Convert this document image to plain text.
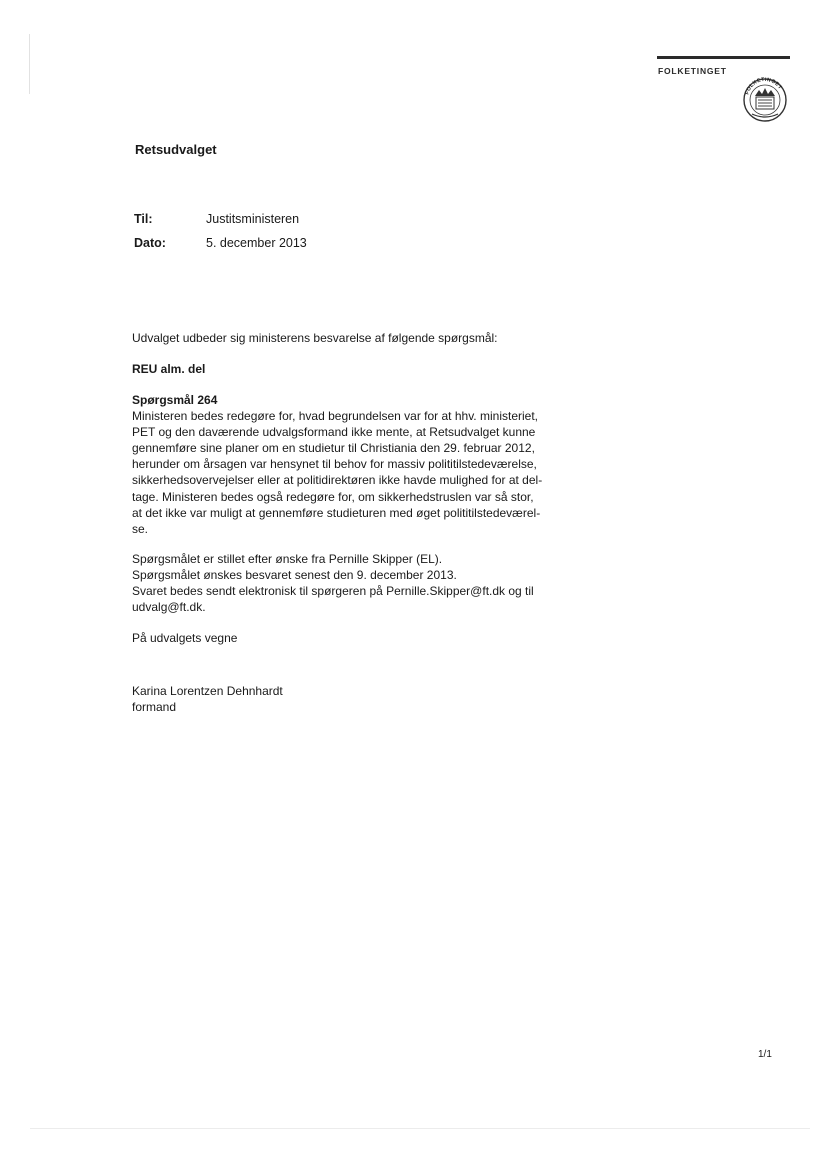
FOLKETINGET
FOLKETINGET
Retsudvalget
Til:	Justitsministeren
Dato:	5. december 2013
Udvalget udbeder sig ministerens besvarelse af følgende spørgsmål:
REU alm. del
Spørgsmål 264
Ministeren bedes redegøre for, hvad begrundelsen var for at hhv. ministeriet,
PET og den daværende udvalgsformand ikke mente, at Retsudvalget kunne
gennemføre sine planer om en studietur til Christiania den 29. februar 2012,
herunder om årsagen var hensynet til behov for massiv polititilstedeværelse,
sikkerhedsovervejelser eller at politidirektøren ikke havde mulighed for at del-
tage. Ministeren bedes også redegøre for, om sikkerhedstruslen var så stor,
at det ikke var muligt at gennemføre studieturen med øget polititilstedeværel-
se.
Spørgsmålet er stillet efter ønske fra Pernille Skipper (EL).
Spørgsmålet ønskes besvaret senest den 9. december 2013.
Svaret bedes sendt elektronisk til spørgeren på Pernille.Skipper@ft.dk og til
udvalg@ft.dk.
På udvalgets vegne
Karina Lorentzen Dehnhardt
formand
1/1
